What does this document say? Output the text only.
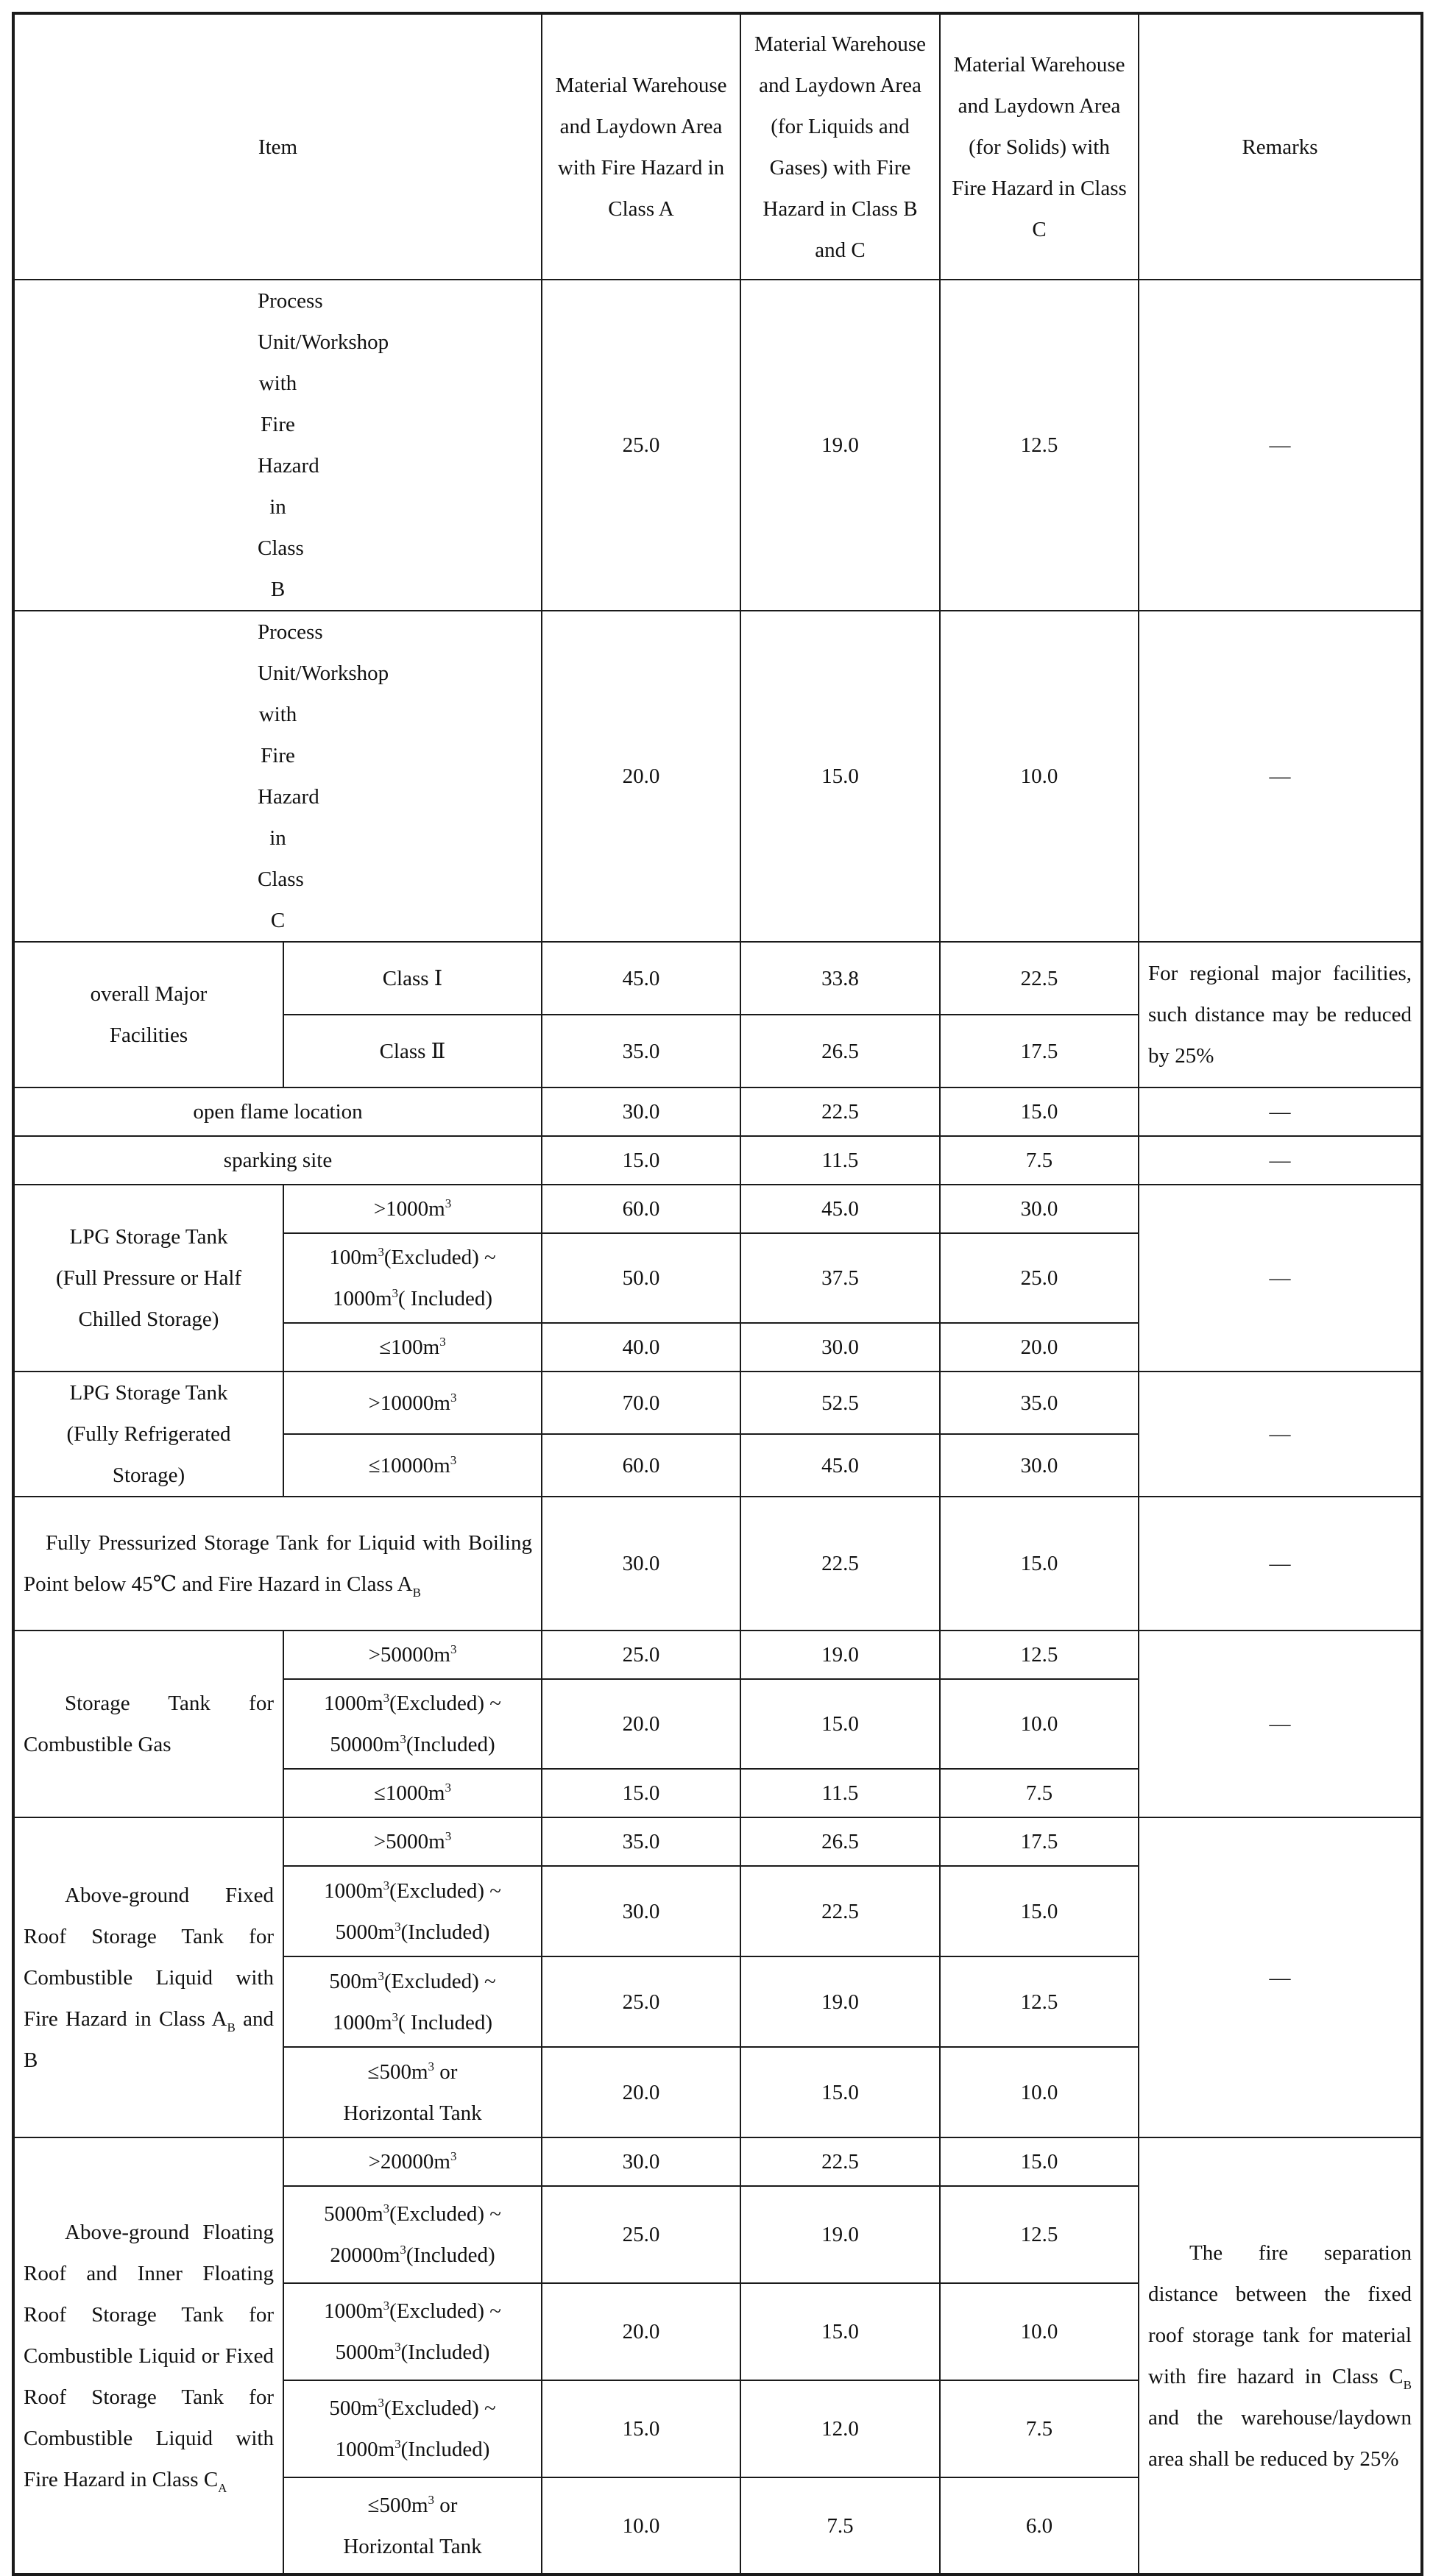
Item		Material Warehouse and Laydown Area with Fire Hazard in Class A	Material Warehouse and Laydown Area (for Liquids and Gases) with Fire Hazard in Class B and C	Material Warehouse and Laydown Area (for Solids) with Fire Hazard in Class C	Remarks
Process Unit/Workshop with Fire Hazard in Class B		25.0	19.0	12.5	—
Process Unit/Workshop with Fire Hazard in Class C		20.0	15.0	10.0	—
overall Major Facilities	Class Ⅰ	45.0	33.8	22.5	For regional major facilities, such distance may be reduced by 25%
	Class Ⅱ	35.0	26.5	17.5	
open flame location		30.0	22.5	15.0	—
sparking site		15.0	11.5	7.5	—
LPG Storage Tank (Full Pressure or Half Chilled Storage)	$>1000m^3$	60.0	45.0	30.0	—
	$100m^3(Excluded)$ ~
$1000m^3$( Included)	50.0	37.5	25.0	
	$\le 100m^3$	40.0	30.0	20.0	
LPG Storage Tank (Fully Refrigerated Storage)	$>10000m^3$	70.0	52.5	35.0	—
	$\le 10000m^3$	60.0	45.0	30.0	
Fully Pressurized Storage Tank for Liquid with Boiling Point below 45℃ and Fire Hazard in Class $A_B$		30.0	22.5	15.0	—
Storage Tank for Combustible Gas	$>50000m^3$	25.0	19.0	12.5	—
	$1000m^3(Excluded)$ ~
$50000m^3(Included)$	20.0	15.0	10.0	
	$\le 1000m^3$	15.0	11.5	7.5	
Above-ground Fixed Roof Storage Tank for Combustible Liquid with Fire Hazard in Class $A_B$ and B	$>5000m^3$	35.0	26.5	17.5	—
	$1000m^3(Excluded)$ ~
$5000m^3(Included)$	30.0	22.5	15.0	
	$500m^3(Excluded)$ ~
$1000m^3$( Included)	25.0	19.0	12.5	
	$\le 500m^3$ or
Horizontal Tank	20.0	15.0	10.0	
Above-ground Floating Roof and Inner Floating Roof Storage Tank for Combustible Liquid or Fixed Roof Storage Tank for Combustible Liquid with Fire Hazard in Class $C_A$	$>20000m^3$	30.0	22.5	15.0	The fire separation distance between the fixed roof storage tank for material with fire hazard in Class $C_B$ and the warehouse/laydown area shall be reduced by 25%
	$5000m^3(Excluded)$ ~
$20000m^3(Included)$	25.0	19.0	12.5	
	$1000m^3(Excluded)$ ~
$5000m^3(Included)$	20.0	15.0	10.0	
	$500m^3(Excluded)$ ~
$1000m^3(Included)$	15.0	12.0	7.5	
	$\le 500m^3$ or
Horizontal Tank	10.0	7.5	6.0	
